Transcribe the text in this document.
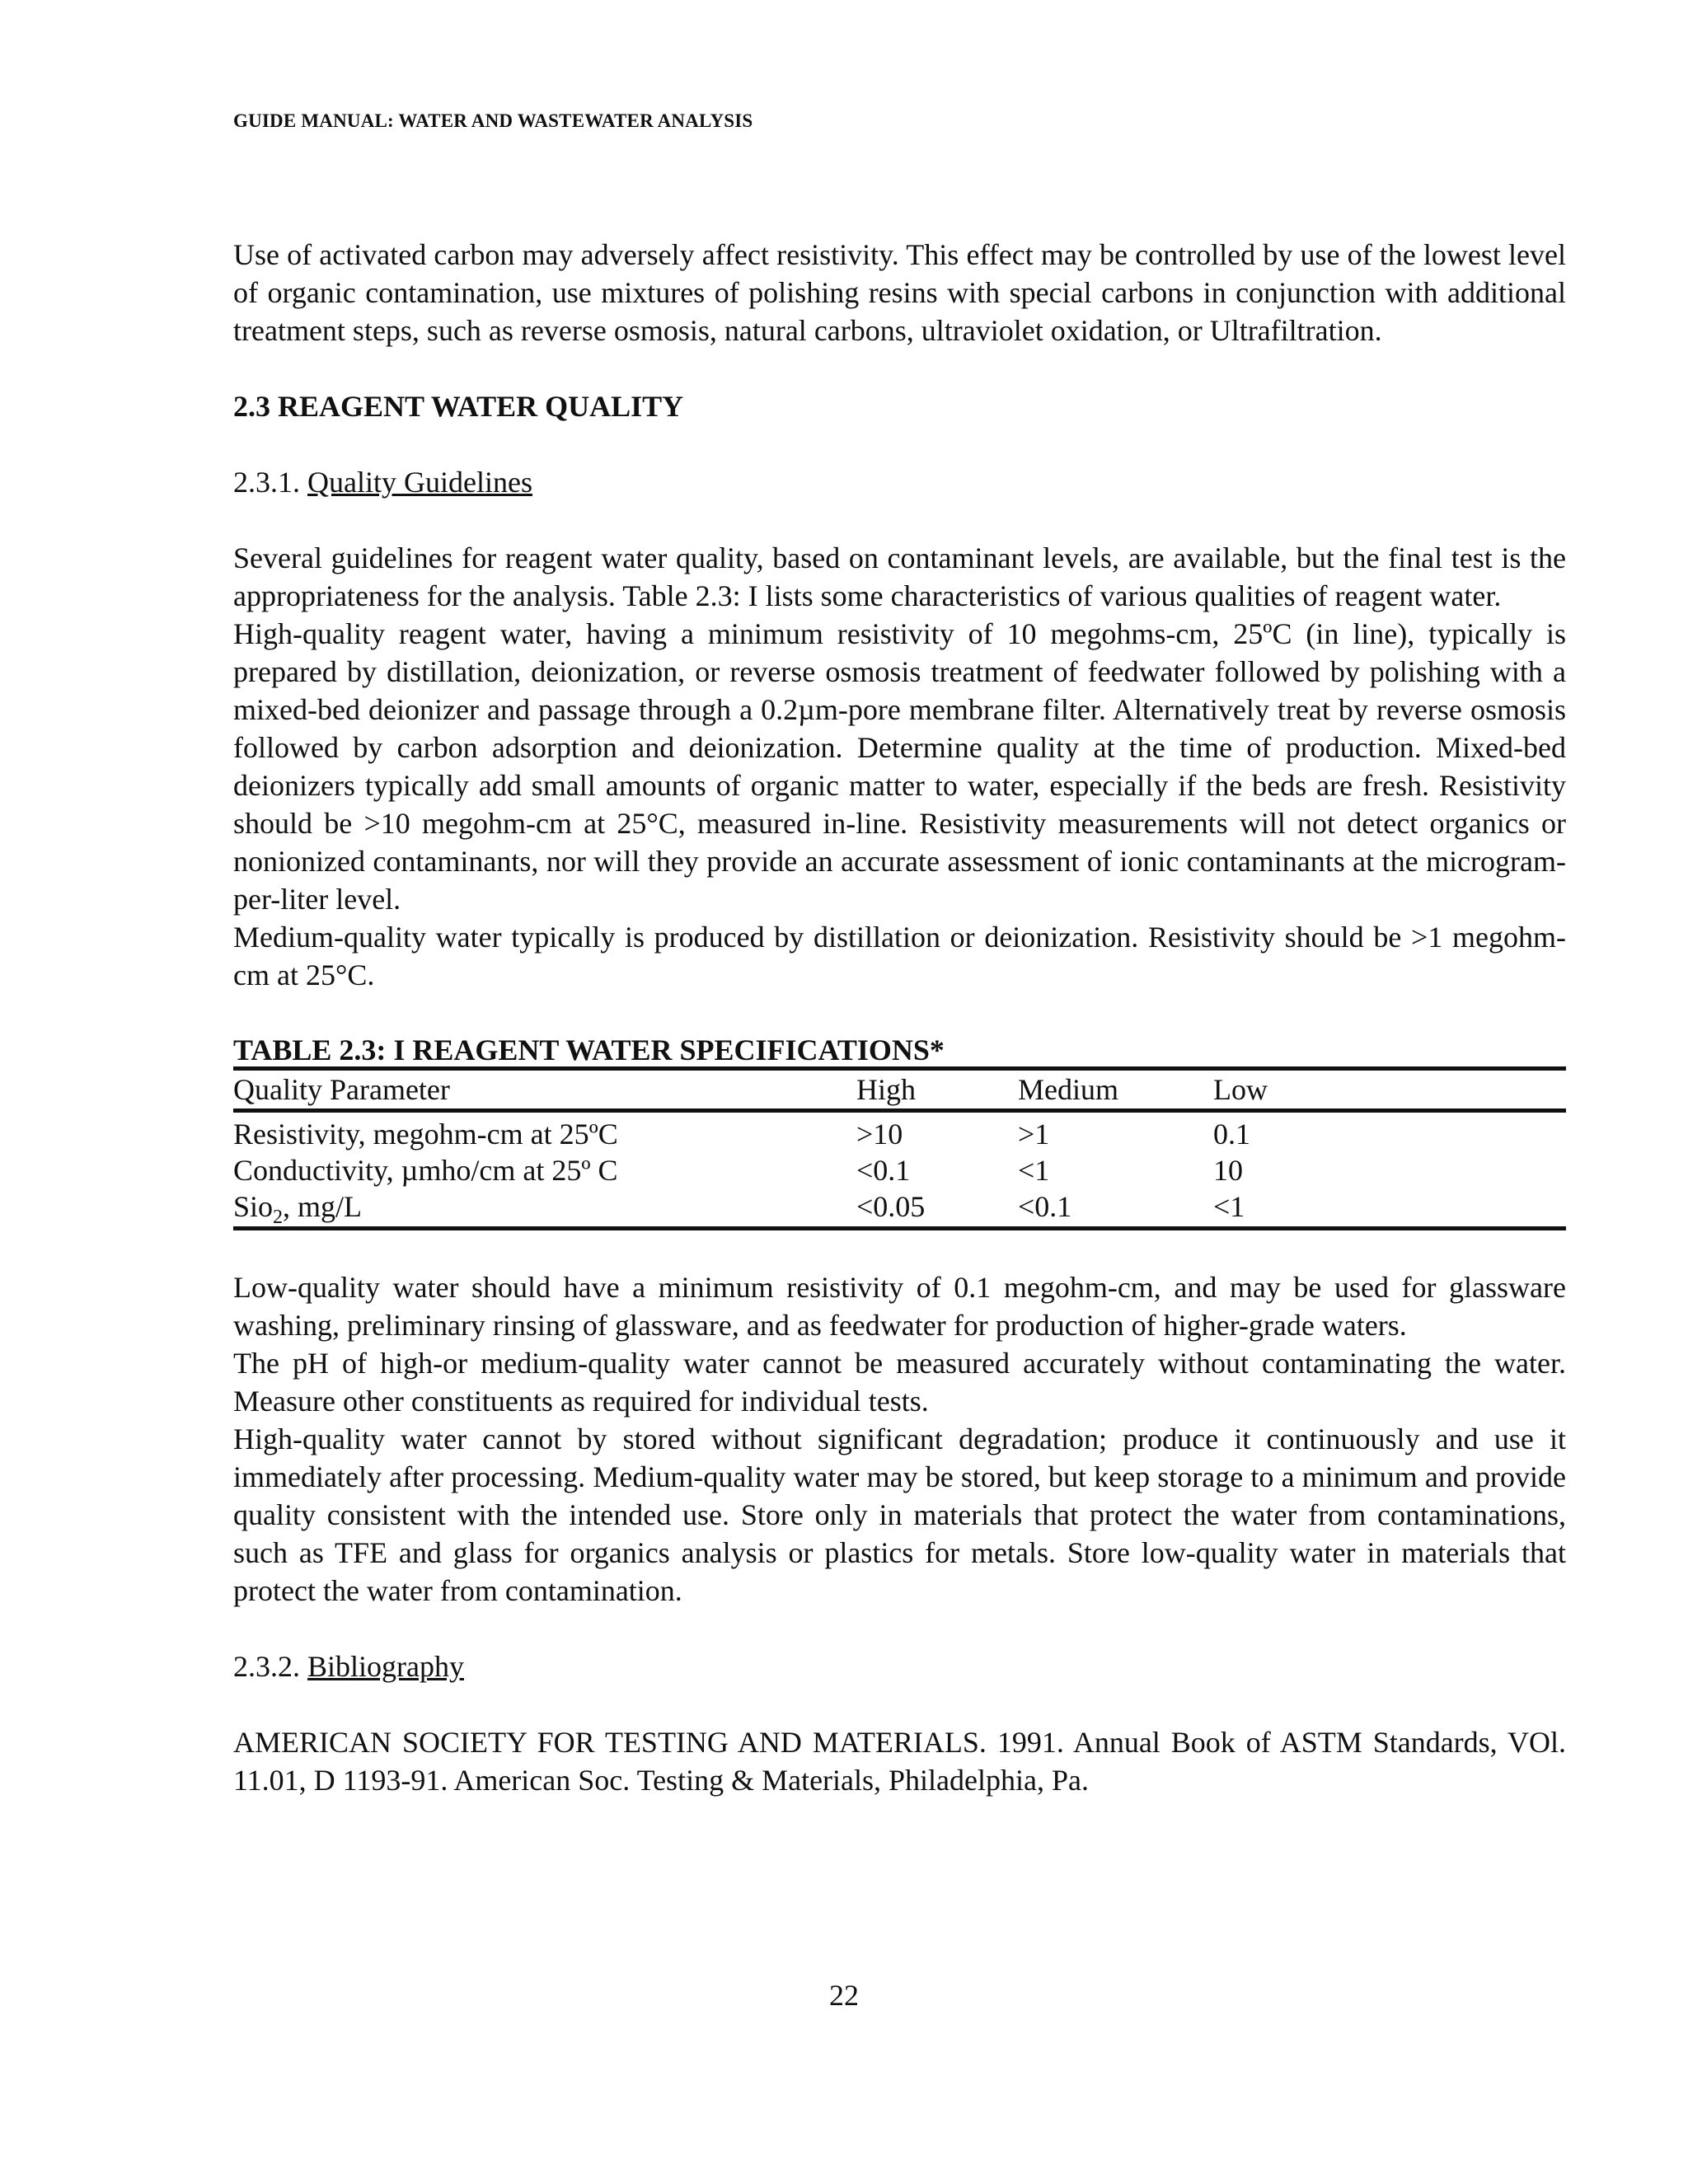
GUIDE MANUAL: WATER AND WASTEWATER ANALYSIS

Use of activated carbon may adversely affect resistivity. This effect may be controlled by use of the lowest level of organic contamination, use mixtures of polishing resins with special carbons in conjunction with additional treatment steps, such as reverse osmosis, natural carbons, ultraviolet oxidation, or Ultrafiltration.

2.3 REAGENT WATER QUALITY

2.3.1. Quality Guidelines

Several guidelines for reagent water quality, based on contaminant levels, are available, but the final test is the appropriateness for the analysis. Table 2.3: I lists some characteristics of various qualities of reagent water.

High-quality reagent water, having a minimum resistivity of 10 megohms-cm, 25ºC (in line), typically is prepared by distillation, deionization, or reverse osmosis treatment of feedwater followed by polishing with a mixed-bed deionizer and passage through a 0.2µm-pore membrane filter. Alternatively treat by reverse osmosis followed by carbon adsorption and deionization. Determine quality at the time of production. Mixed-bed deionizers typically add small amounts of organic matter to water, especially if the beds are fresh. Resistivity should be >10 megohm-cm at 25°C, measured in-line. Resistivity measurements will not detect organics or nonionized contaminants, nor will they provide an accurate assessment of ionic contaminants at the microgram-per-liter level.

Medium-quality water typically is produced by distillation or deionization. Resistivity should be >1 megohm-cm at 25°C.

TABLE 2.3: I REAGENT WATER SPECIFICATIONS*

Quality Parameter	High	Medium	Low
Resistivity, megohm-cm at 25ºC	>10	>1	0.1
Conductivity, µmho/cm at 25º C	<0.1	<1	10
Sio$_2$, mg/L	<0.05	<0.1	<1

Low-quality water should have a minimum resistivity of 0.1 megohm-cm, and may be used for glassware washing, preliminary rinsing of glassware, and as feedwater for production of higher-grade waters.

The pH of high-or medium-quality water cannot be measured accurately without contaminating the water. Measure other constituents as required for individual tests.

High-quality water cannot by stored without significant degradation; produce it continuously and use it immediately after processing. Medium-quality water may be stored, but keep storage to a minimum and provide quality consistent with the intended use. Store only in materials that protect the water from contaminations, such as TFE and glass for organics analysis or plastics for metals. Store low-quality water in materials that protect the water from contamination.

2.3.2. Bibliography

AMERICAN SOCIETY FOR TESTING AND MATERIALS. 1991. Annual Book of ASTM Standards, VOl. 11.01, D 1193-91. American Soc. Testing & Materials, Philadelphia, Pa.

22
